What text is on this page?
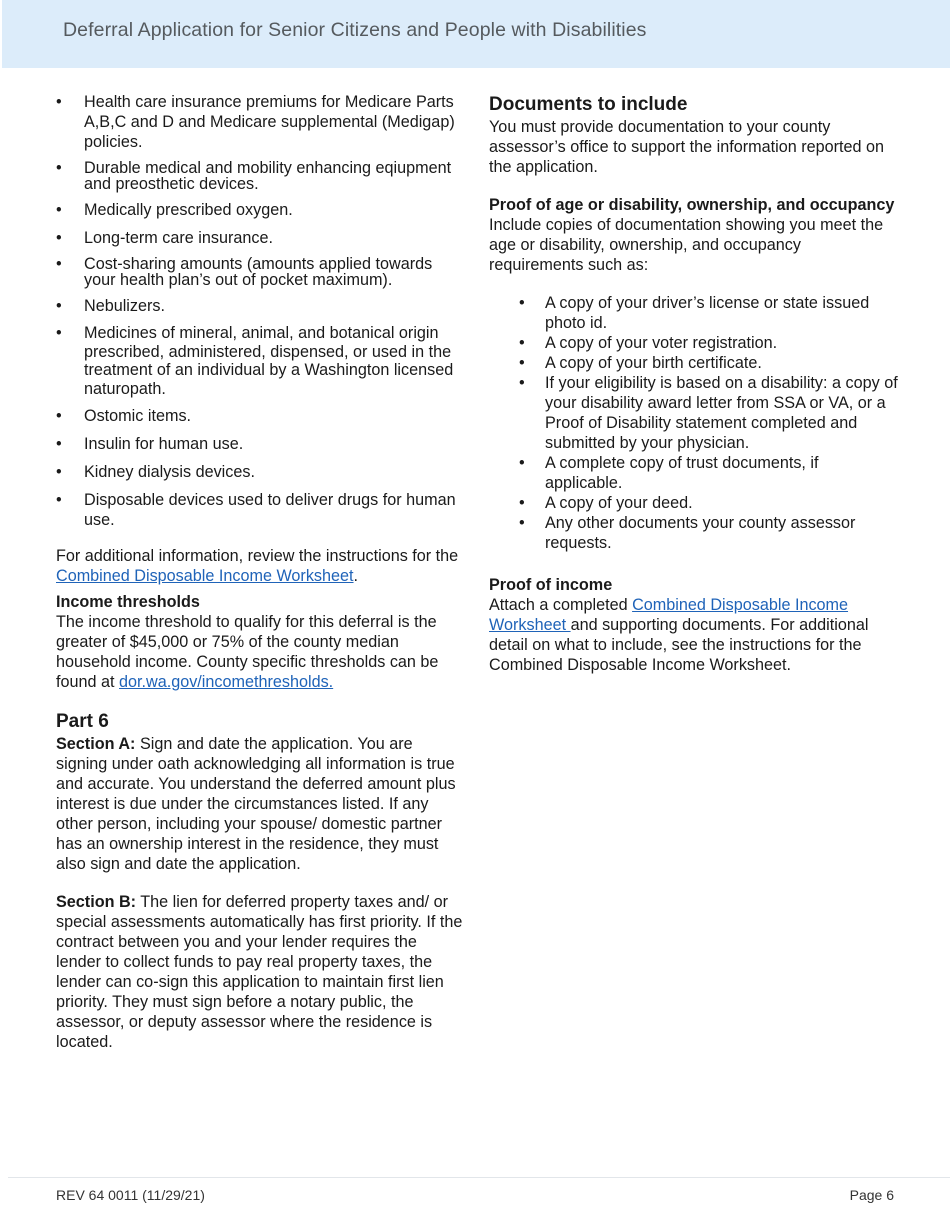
Deferral Application for Senior Citizens and People with Disabilities
•	Health care insurance premiums for Medicare Parts A,B,C and D and Medicare supplemental (Medigap) policies.
•	Durable medical and mobility enhancing eqiupment and preosthetic devices.
•	Medically prescribed oxygen.
•	Long-term care insurance.
•	Cost-sharing amounts (amounts applied towards your health plan’s out of pocket maximum).
•	Nebulizers.
•	Medicines of mineral, animal, and botanical origin prescribed, administered, dispensed, or used in the treatment of an individual by a Washington licensed naturopath.
•	Ostomic items.
•	Insulin for human use.
•	Kidney dialysis devices.
•	Disposable devices used to deliver drugs for human use.

For additional information, review the instructions for the Combined Disposable Income Worksheet.

Income thresholds

The income threshold to qualify for this deferral is the greater of $45,000 or 75% of the county median household income. County specific thresholds can be found at dor.wa.gov/incomethresholds.

Part 6

Section A: Sign and date the application. You are signing under oath acknowledging all information is true and accurate. You understand the deferred amount plus interest is due under the circumstances listed. If any other person, including your spouse/ domestic partner has an ownership interest in the residence, they must also sign and date the application.

Section B: The lien for deferred property taxes and/ or special assessments automatically has first priority. If the contract between you and your lender requires the lender to collect funds to pay real property taxes, the lender can co-sign this application to maintain first lien priority. They must sign before a notary public, the assessor, or deputy assessor where the residence is located.

Documents to include

You must provide documentation to your county assessor’s office to support the information reported on the application.

Proof of age or disability, ownership, and occupancy

Include copies of documentation showing you meet the age or disability, ownership, and occupancy requirements such as:

•	A copy of your driver’s license or state issued photo id.
•	A copy of your voter registration.
•	A copy of your birth certificate.
•	If your eligibility is based on a disability: a copy of your disability award letter from SSA or VA, or a Proof of Disability statement completed and submitted by your physician.
•	A complete copy of trust documents, if applicable.
•	A copy of your deed.
•	Any other documents your county assessor requests.

Proof of income

Attach a completed Combined Disposable Income Worksheet and supporting documents. For additional detail on what to include, see the instructions for the Combined Disposable Income Worksheet.

REV 64 0011 (11/29/21)	Page 6
